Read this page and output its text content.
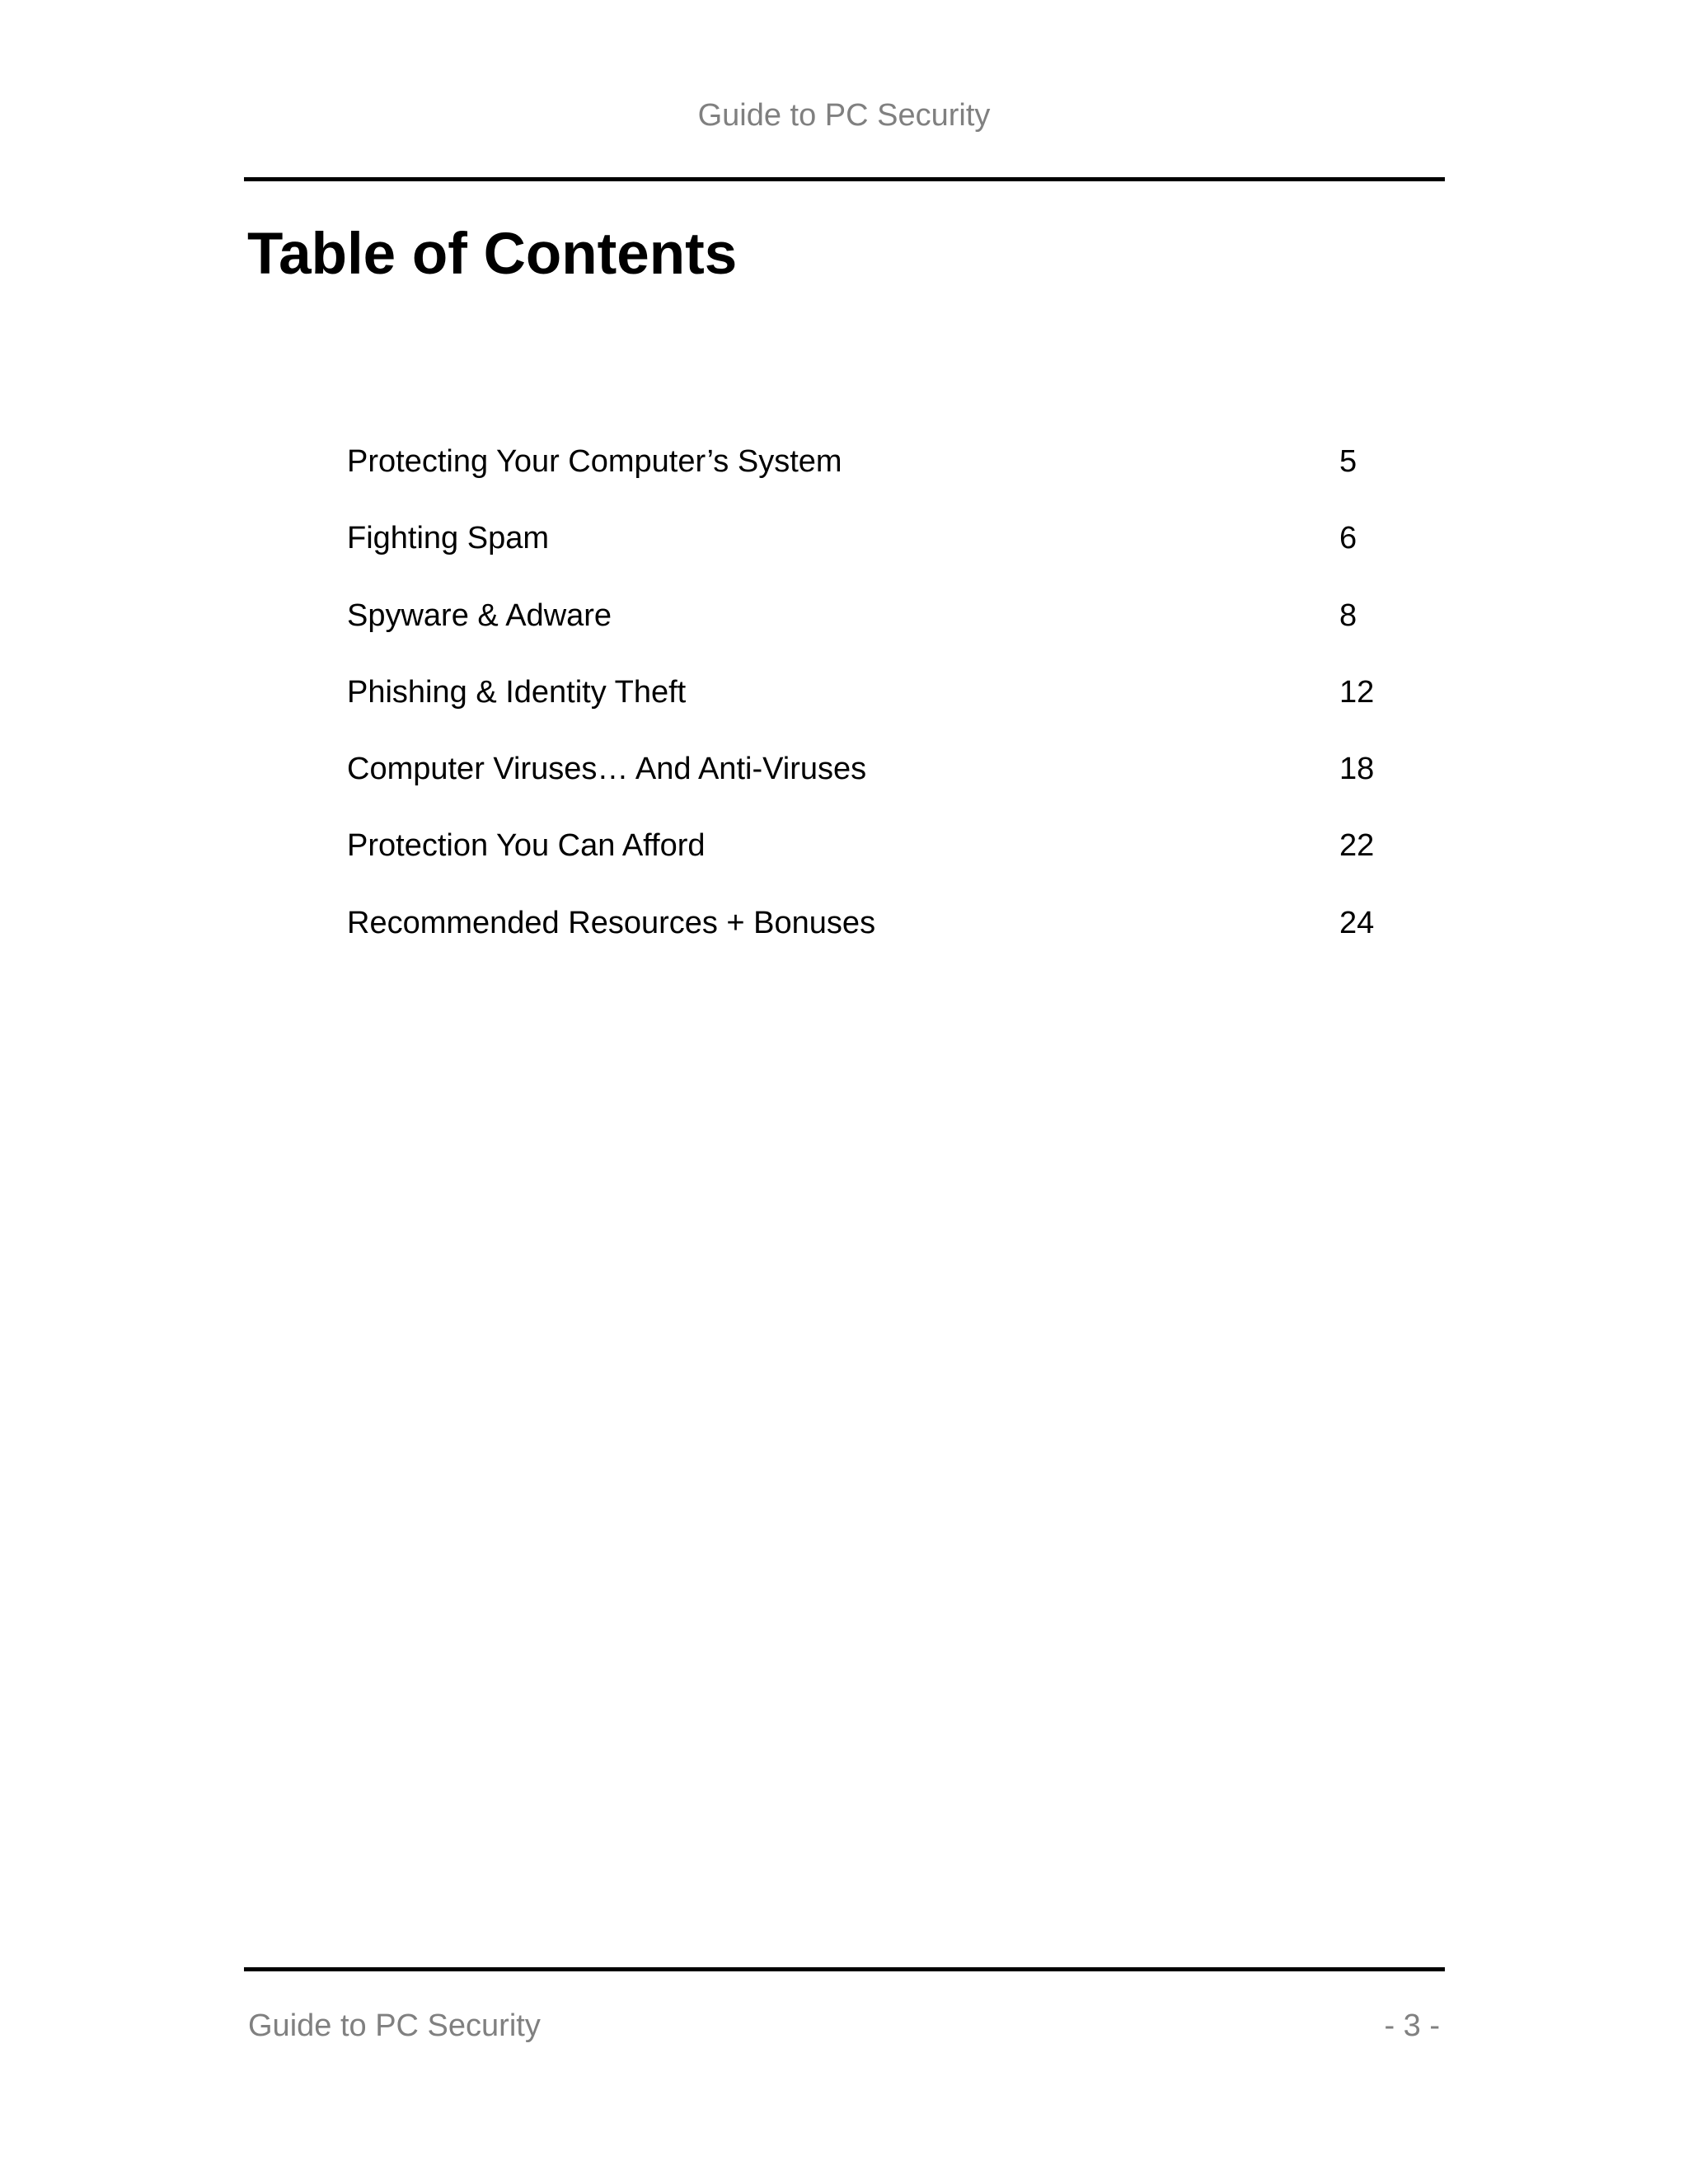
Guide to PC Security
Table of Contents
Protecting Your Computer’s System	5
Fighting Spam	6
Spyware & Adware	8
Phishing & Identity Theft	12
Computer Viruses… And Anti-Viruses	18
Protection You Can Afford	22
Recommended Resources + Bonuses	24
Guide to PC Security	- 3 -
